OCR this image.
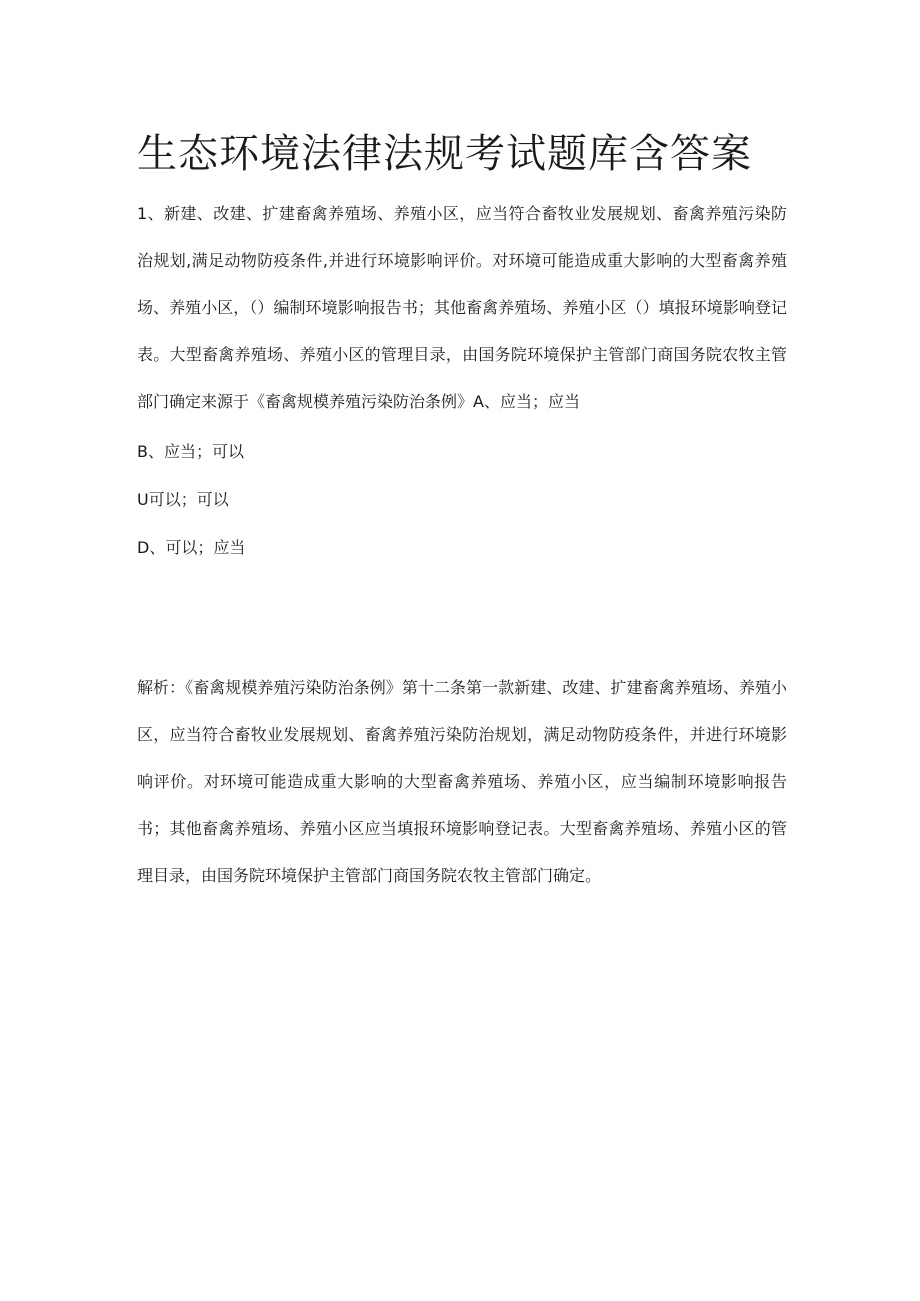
生态环境法律法规考试题库含答案

1、新建、改建、扩建畜禽养殖场、养殖小区，应当符合畜牧业发展规划、畜禽养殖污染防治规划,满足动物防疫条件,并进行环境影响评价。对环境可能造成重大影响的大型畜禽养殖场、养殖小区，（）编制环境影响报告书；其他畜禽养殖场、养殖小区（）填报环境影响登记表。大型畜禽养殖场、养殖小区的管理目录，由国务院环境保护主管部门商国务院农牧主管部门确定来源于《畜禽规模养殖污染防治条例》A、应当；应当

B、应当；可以
U可以；可以
D、可以；应当

解析：《畜禽规模养殖污染防治条例》第十二条第一款新建、改建、扩建畜禽养殖场、养殖小区，应当符合畜牧业发展规划、畜禽养殖污染防治规划，满足动物防疫条件，并进行环境影响评价。对环境可能造成重大影响的大型畜禽养殖场、养殖小区，应当编制环境影响报告书；其他畜禽养殖场、养殖小区应当填报环境影响登记表。大型畜禽养殖场、养殖小区的管理目录，由国务院环境保护主管部门商国务院农牧主管部门确定。
